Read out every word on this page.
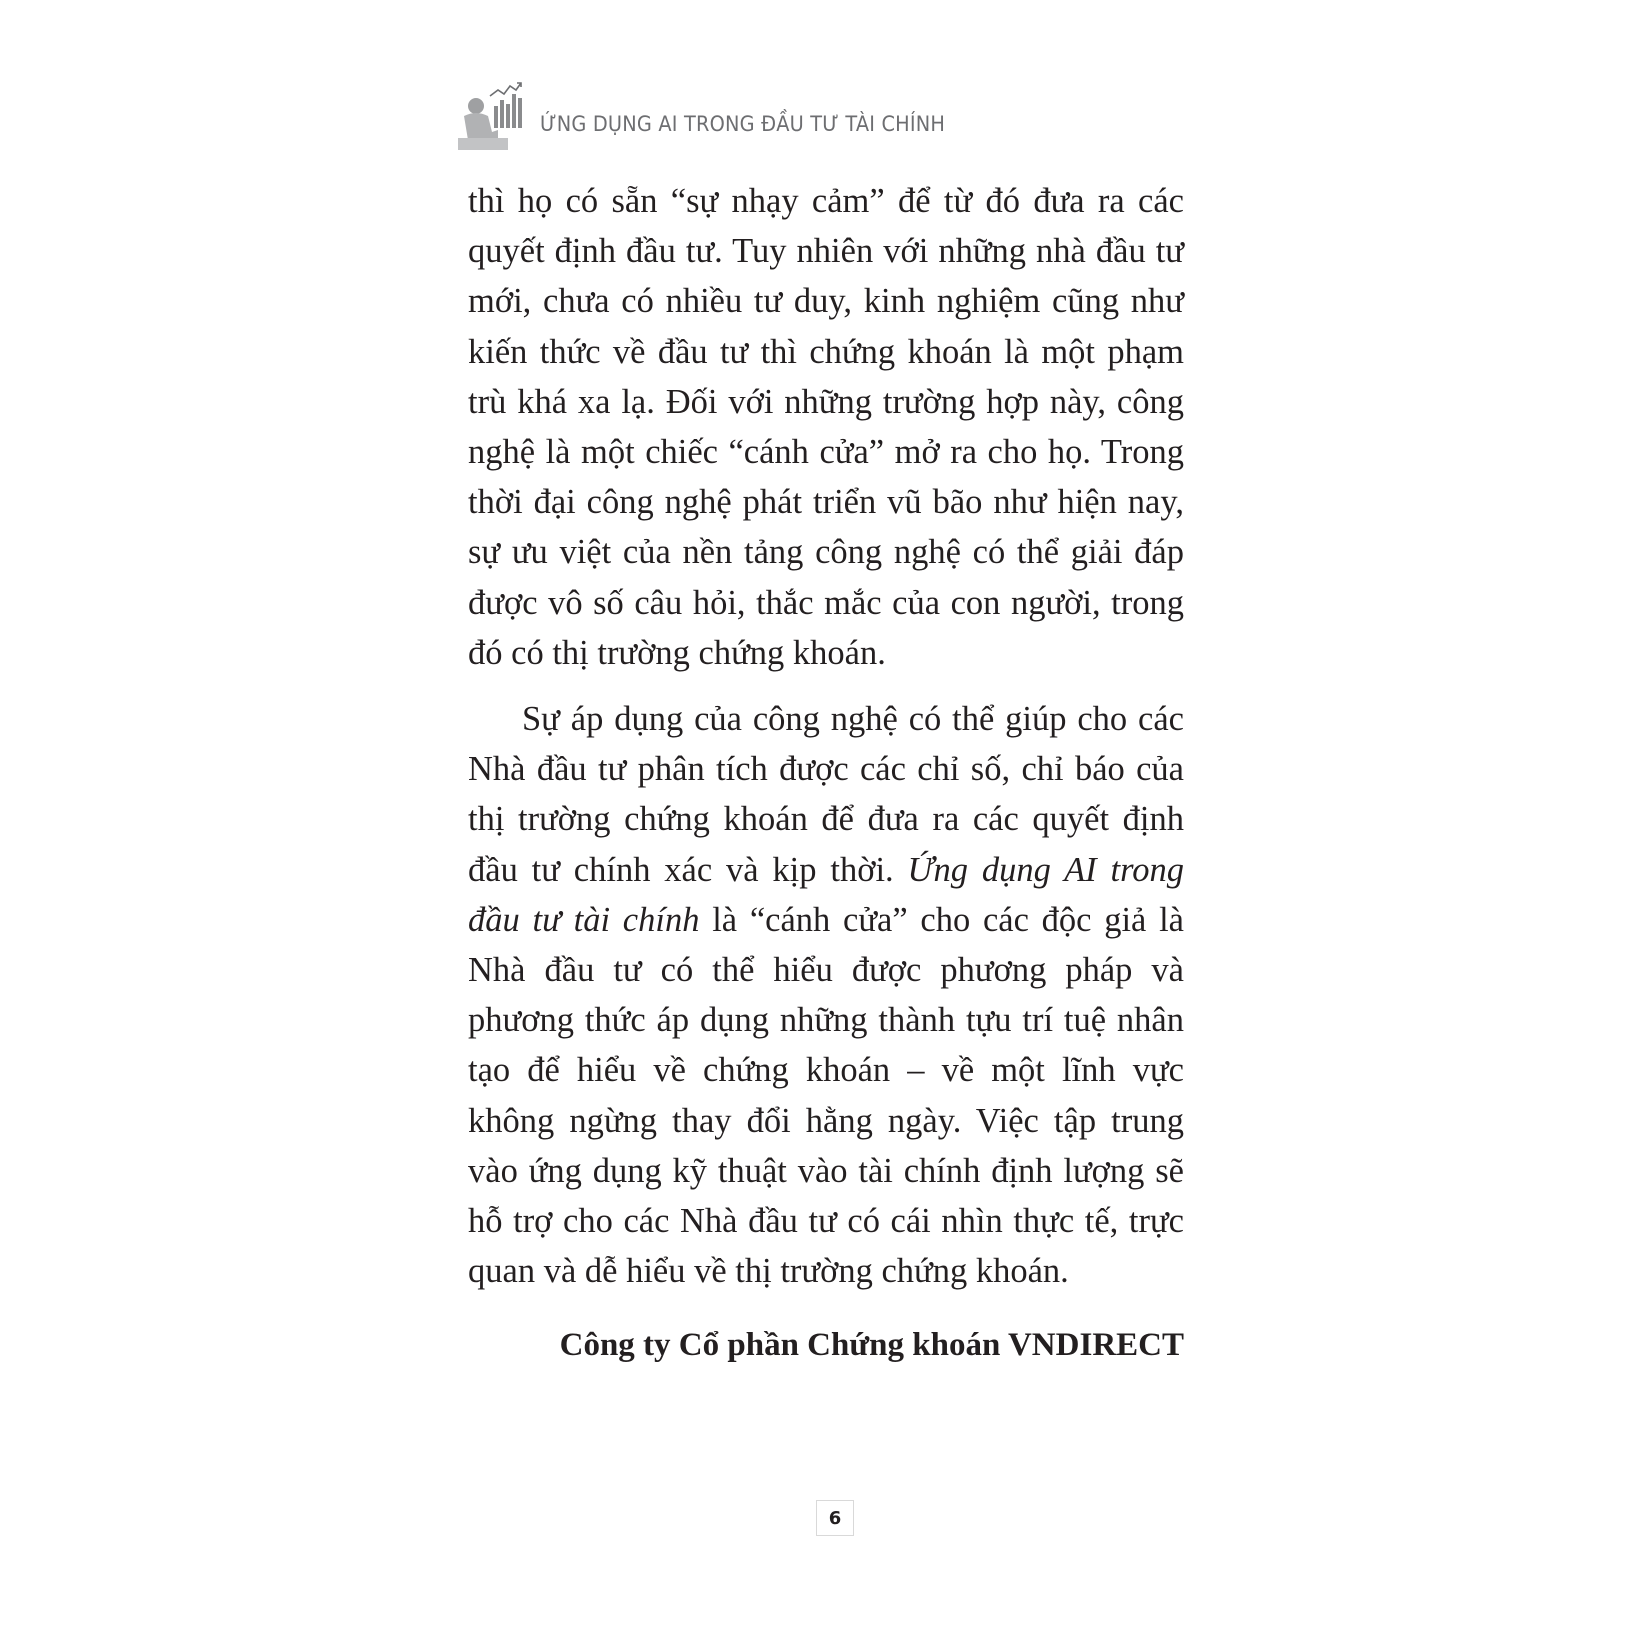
ỨNG DỤNG AI TRONG ĐẦU TƯ TÀI CHÍNH

thì họ có sẵn “sự nhạy cảm” để từ đó đưa ra các quyết định đầu tư. Tuy nhiên với những nhà đầu tư mới, chưa có nhiều tư duy, kinh nghiệm cũng như kiến thức về đầu tư thì chứng khoán là một phạm trù khá xa lạ. Đối với những trường hợp này, công nghệ là một chiếc “cánh cửa” mở ra cho họ. Trong thời đại công nghệ phát triển vũ bão như hiện nay, sự ưu việt của nền tảng công nghệ có thể giải đáp được vô số câu hỏi, thắc mắc của con người, trong đó có thị trường chứng khoán.

Sự áp dụng của công nghệ có thể giúp cho các Nhà đầu tư phân tích được các chỉ số, chỉ báo của thị trường chứng khoán để đưa ra các quyết định đầu tư chính xác và kịp thời. Ứng dụng AI trong đầu tư tài chính là “cánh cửa” cho các độc giả là Nhà đầu tư có thể hiểu được phương pháp và phương thức áp dụng những thành tựu trí tuệ nhân tạo để hiểu về chứng khoán – về một lĩnh vực không ngừng thay đổi hằng ngày. Việc tập trung vào ứng dụng kỹ thuật vào tài chính định lượng sẽ hỗ trợ cho các Nhà đầu tư có cái nhìn thực tế, trực quan và dễ hiểu về thị trường chứng khoán.

Công ty Cổ phần Chứng khoán VNDIRECT
6
